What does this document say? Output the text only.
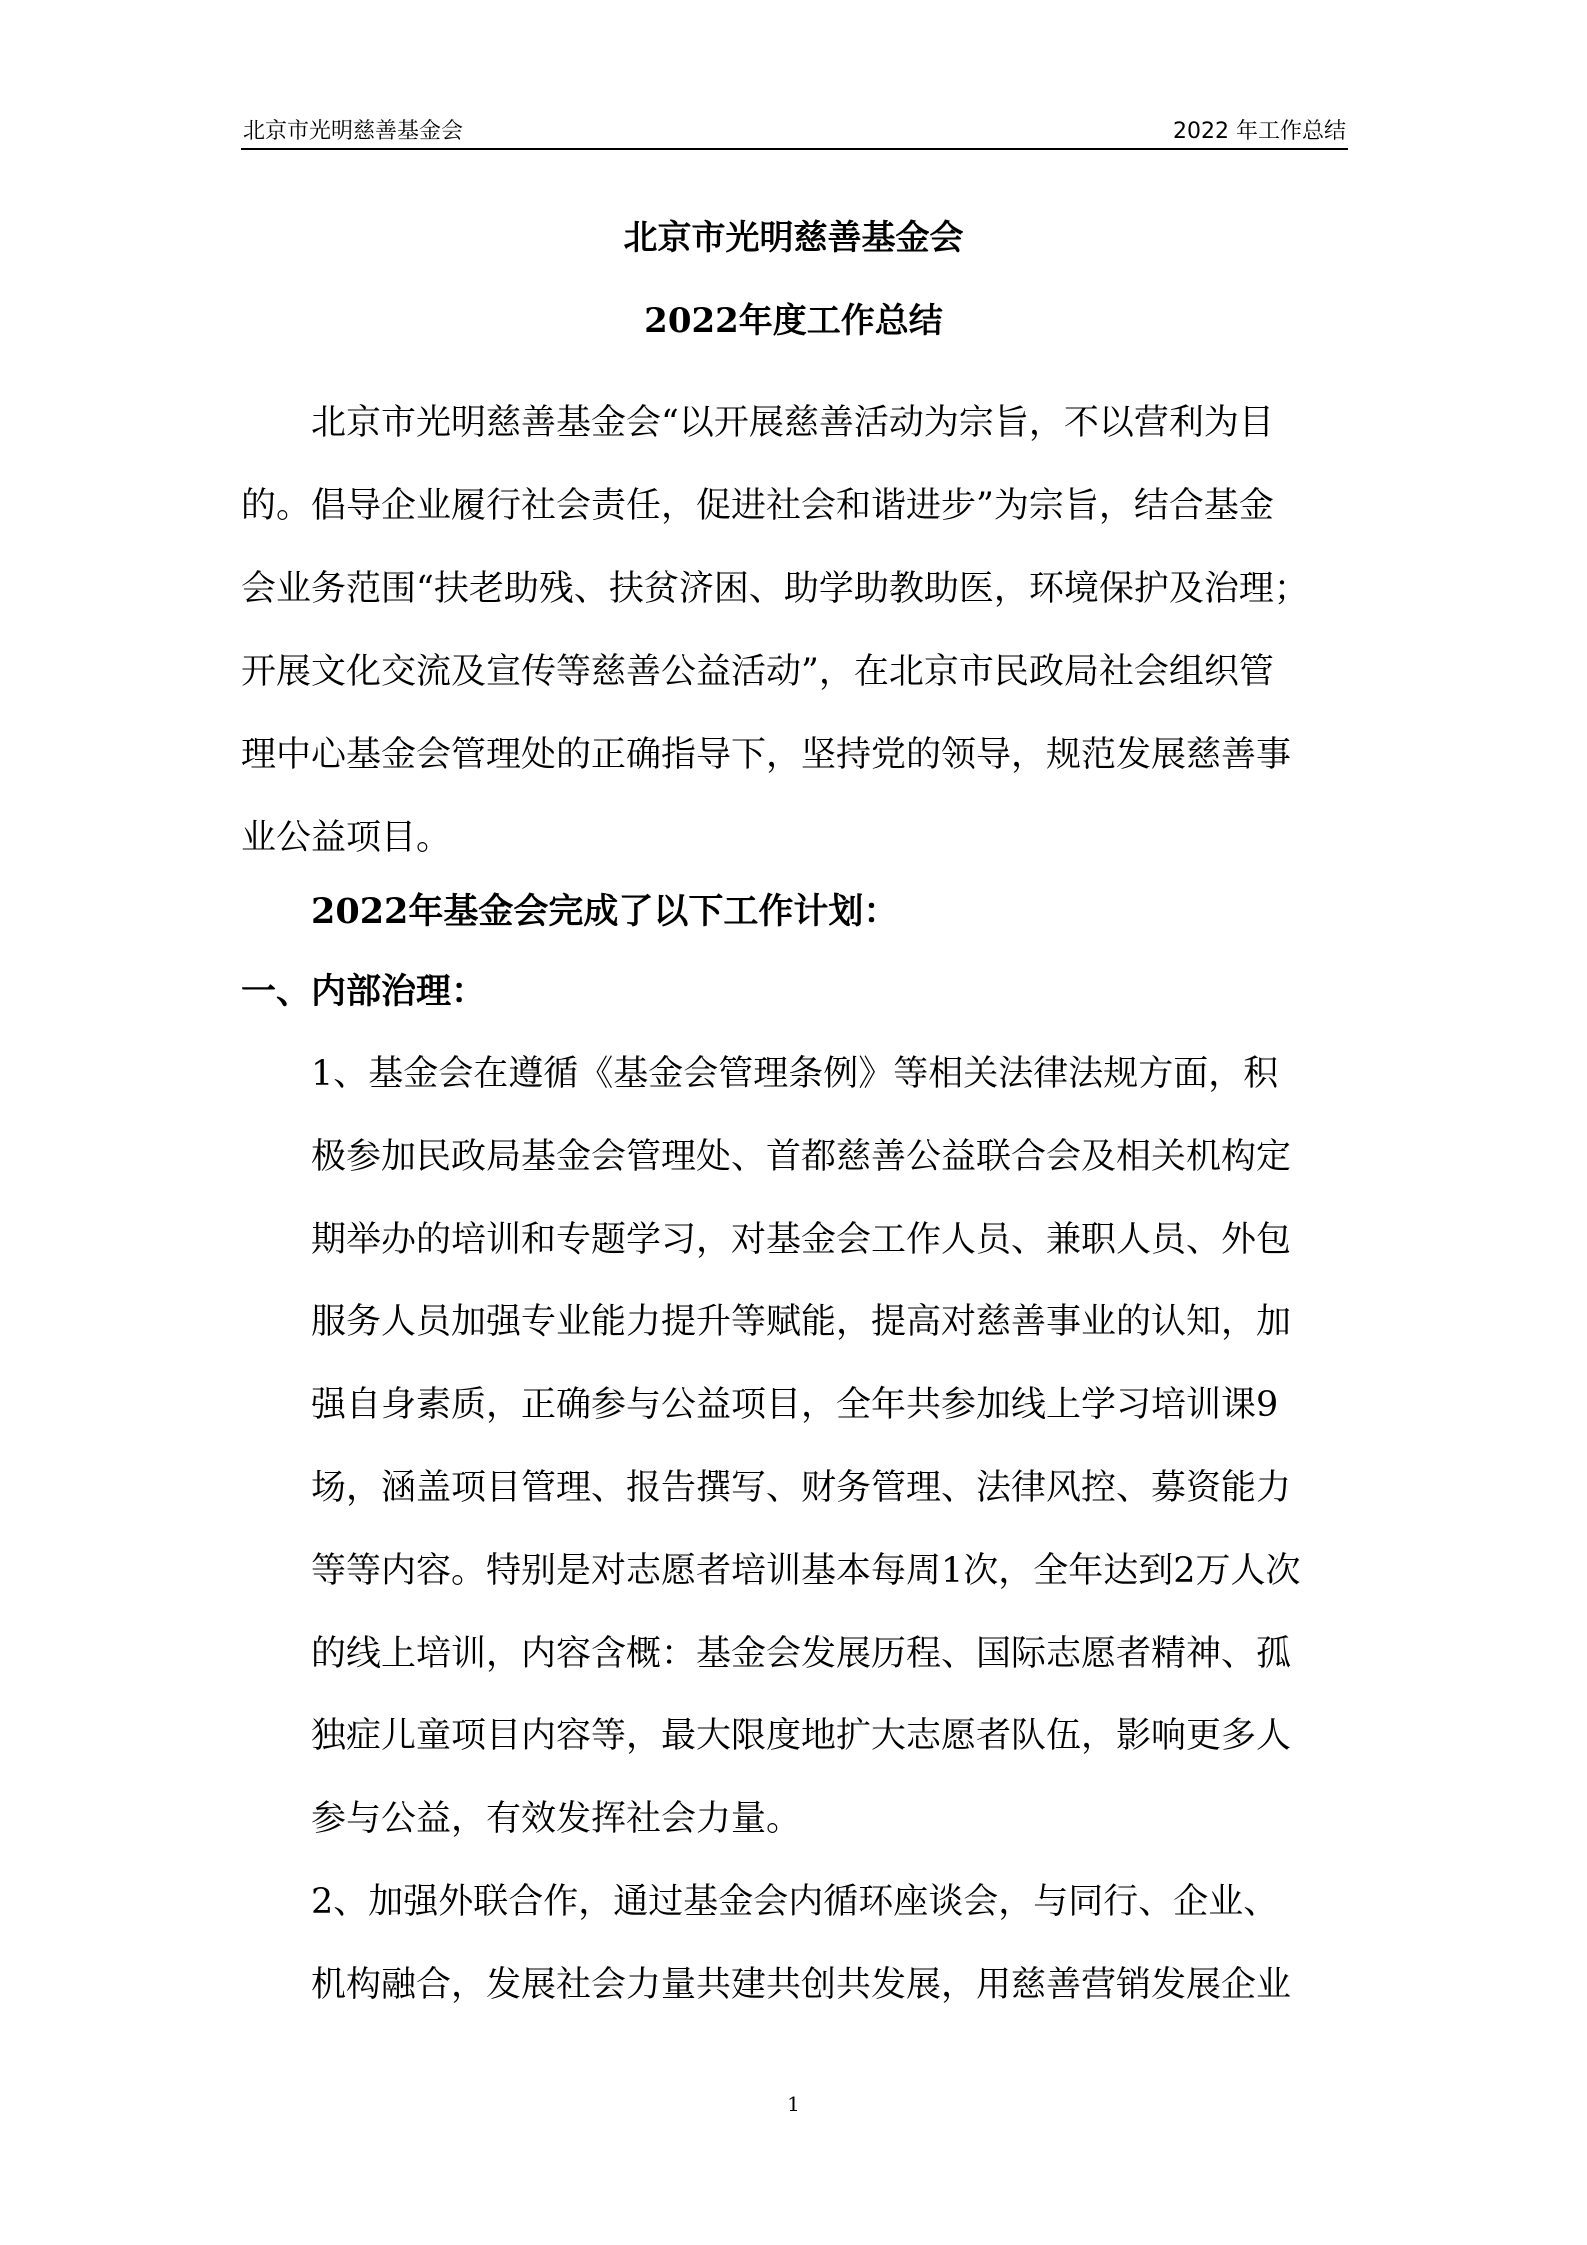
北京市光明慈善基金会	2022 年工作总结
北京市光明慈善基金会
2022年度工作总结
北京市光明慈善基金会“以开展慈善活动为宗旨，不以营利为目
的。倡导企业履行社会责任，促进社会和谐进步”为宗旨，结合基金
会业务范围“扶老助残、扶贫济困、助学助教助医，环境保护及治理；
开展文化交流及宣传等慈善公益活动”，在北京市民政局社会组织管
理中心基金会管理处的正确指导下，坚持党的领导，规范发展慈善事
业公益项目。
2022年基金会完成了以下工作计划：
一、内部治理：
1、基金会在遵循《基金会管理条例》等相关法律法规方面，积
极参加民政局基金会管理处、首都慈善公益联合会及相关机构定
期举办的培训和专题学习，对基金会工作人员、兼职人员、外包
服务人员加强专业能力提升等赋能，提高对慈善事业的认知，加
强自身素质，正确参与公益项目，全年共参加线上学习培训课9
场，涵盖项目管理、报告撰写、财务管理、法律风控、募资能力
等等内容。特别是对志愿者培训基本每周1次，全年达到2万人次
的线上培训，内容含概：基金会发展历程、国际志愿者精神、孤
独症儿童项目内容等，最大限度地扩大志愿者队伍，影响更多人
参与公益，有效发挥社会力量。
2、加强外联合作，通过基金会内循环座谈会，与同行、企业、
机构融合，发展社会力量共建共创共发展，用慈善营销发展企业
1
